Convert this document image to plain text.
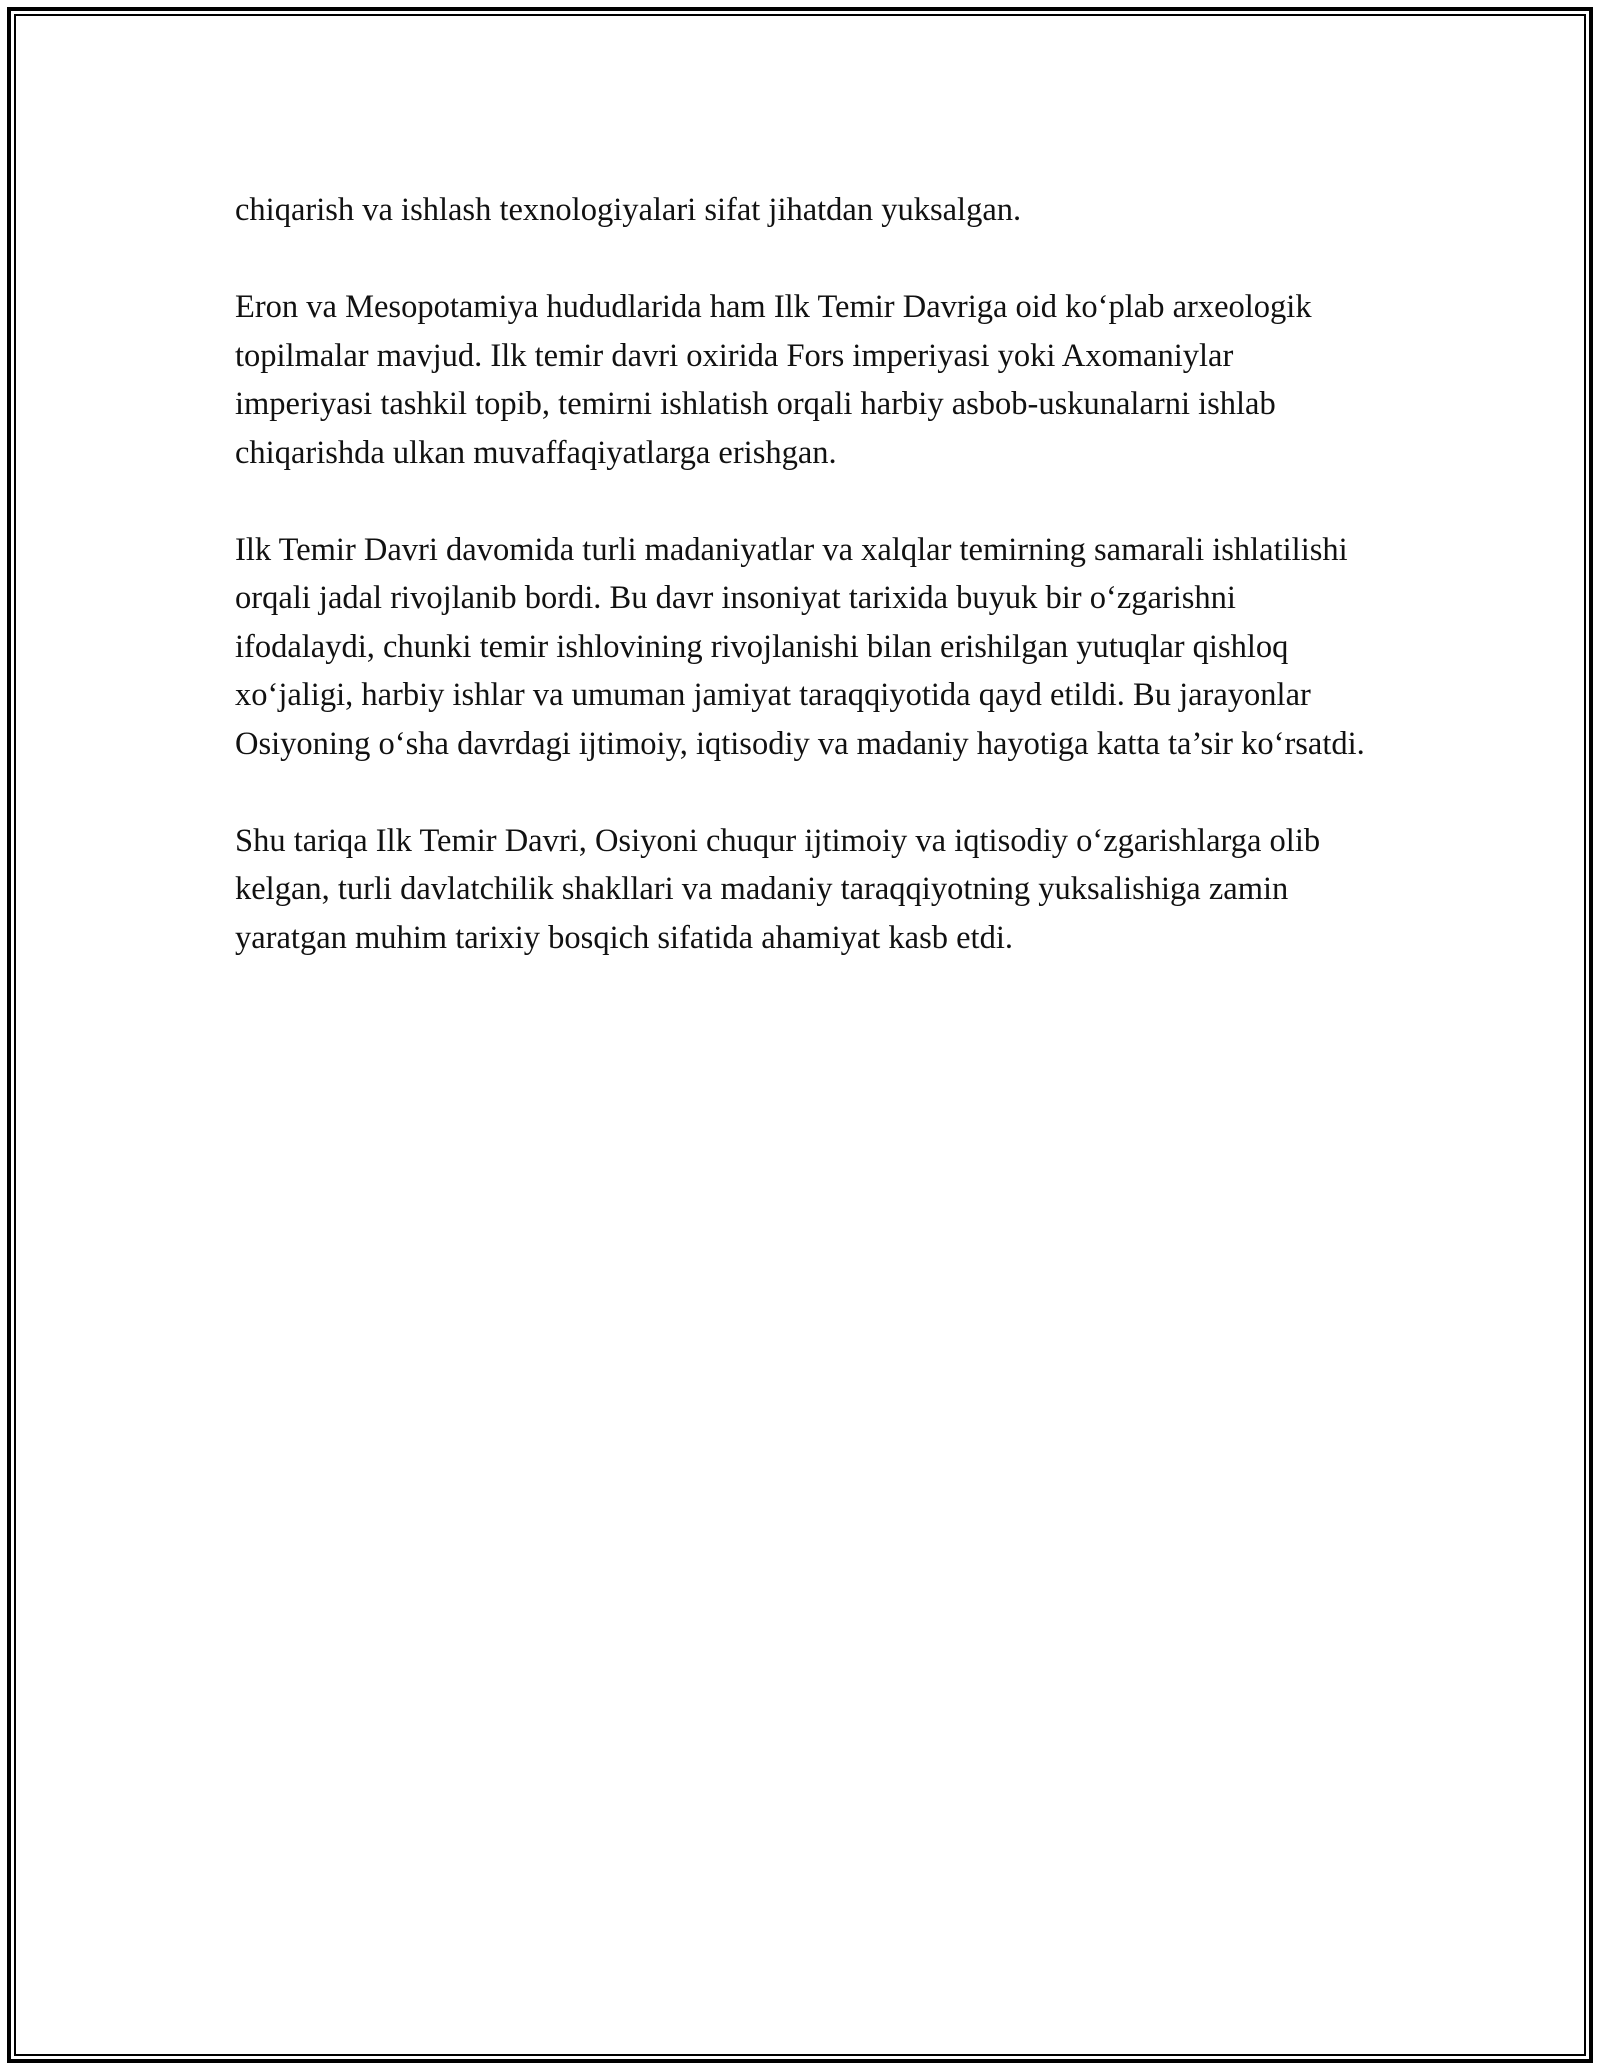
chiqarish va ishlash texnologiyalari sifat jihatdan yuksalgan.

Eron va Mesopotamiya hududlarida ham Ilk Temir Davriga oid ko‘plab arxeologik topilmalar mavjud. Ilk temir davri oxirida Fors imperiyasi yoki Axomaniylar imperiyasi tashkil topib, temirni ishlatish orqali harbiy asbob-uskunalarni ishlab chiqarishda ulkan muvaffaqiyatlarga erishgan.

Ilk Temir Davri davomida turli madaniyatlar va xalqlar temirning samarali ishlatilishi orqali jadal rivojlanib bordi. Bu davr insoniyat tarixida buyuk bir o‘zgarishni ifodalaydi, chunki temir ishlovining rivojlanishi bilan erishilgan yutuqlar qishloq xo‘jaligi, harbiy ishlar va umuman jamiyat taraqqiyotida qayd etildi. Bu jarayonlar Osiyoning o‘sha davrdagi ijtimoiy, iqtisodiy va madaniy hayotiga katta ta’sir ko‘rsatdi.

Shu tariqa Ilk Temir Davri, Osiyoni chuqur ijtimoiy va iqtisodiy o‘zgarishlarga olib kelgan, turli davlatchilik shakllari va madaniy taraqqiyotning yuksalishiga zamin yaratgan muhim tarixiy bosqich sifatida ahamiyat kasb etdi.
